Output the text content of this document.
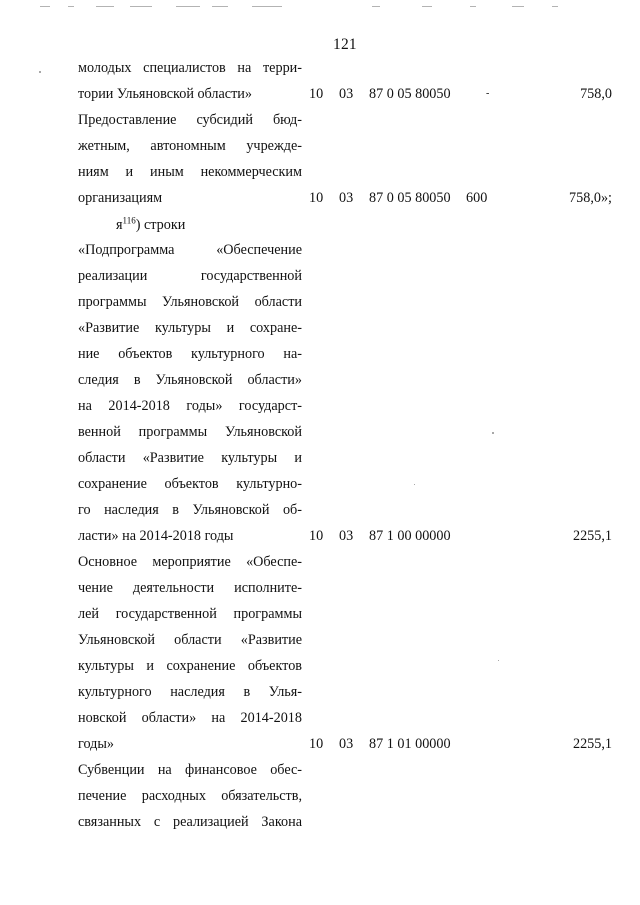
121
молодых специалистов на терри-
тории Ульяновской области»	10 03 87 0 05 80050	-	758,0
Предоставление субсидий бюд-
жетным, автономным учрежде-
ниям и иным некоммерческим
организациям	10 03 87 0 05 80050 600	758,0»;
$я^{116}$) строки
«Подпрограмма «Обеспечение
реализации государственной
программы Ульяновской области
«Развитие культуры и сохране-
ние объектов культурного на-
следия в Ульяновской области»
на 2014-2018 годы» государст-
венной программы Ульяновской
области «Развитие культуры и
сохранение объектов культурно-
го наследия в Ульяновской об-
ласти» на 2014-2018 годы	10 03 87 1 00 00000	2255,1
Основное мероприятие «Обеспе-
чение деятельности исполните-
лей государственной программы
Ульяновской области «Развитие
культуры и сохранение объектов
культурного наследия в Улья-
новской области» на 2014-2018
годы»	10 03 87 1 01 00000	2255,1
Субвенции на финансовое обес-
печение расходных обязательств,
связанных с реализацией Закона
